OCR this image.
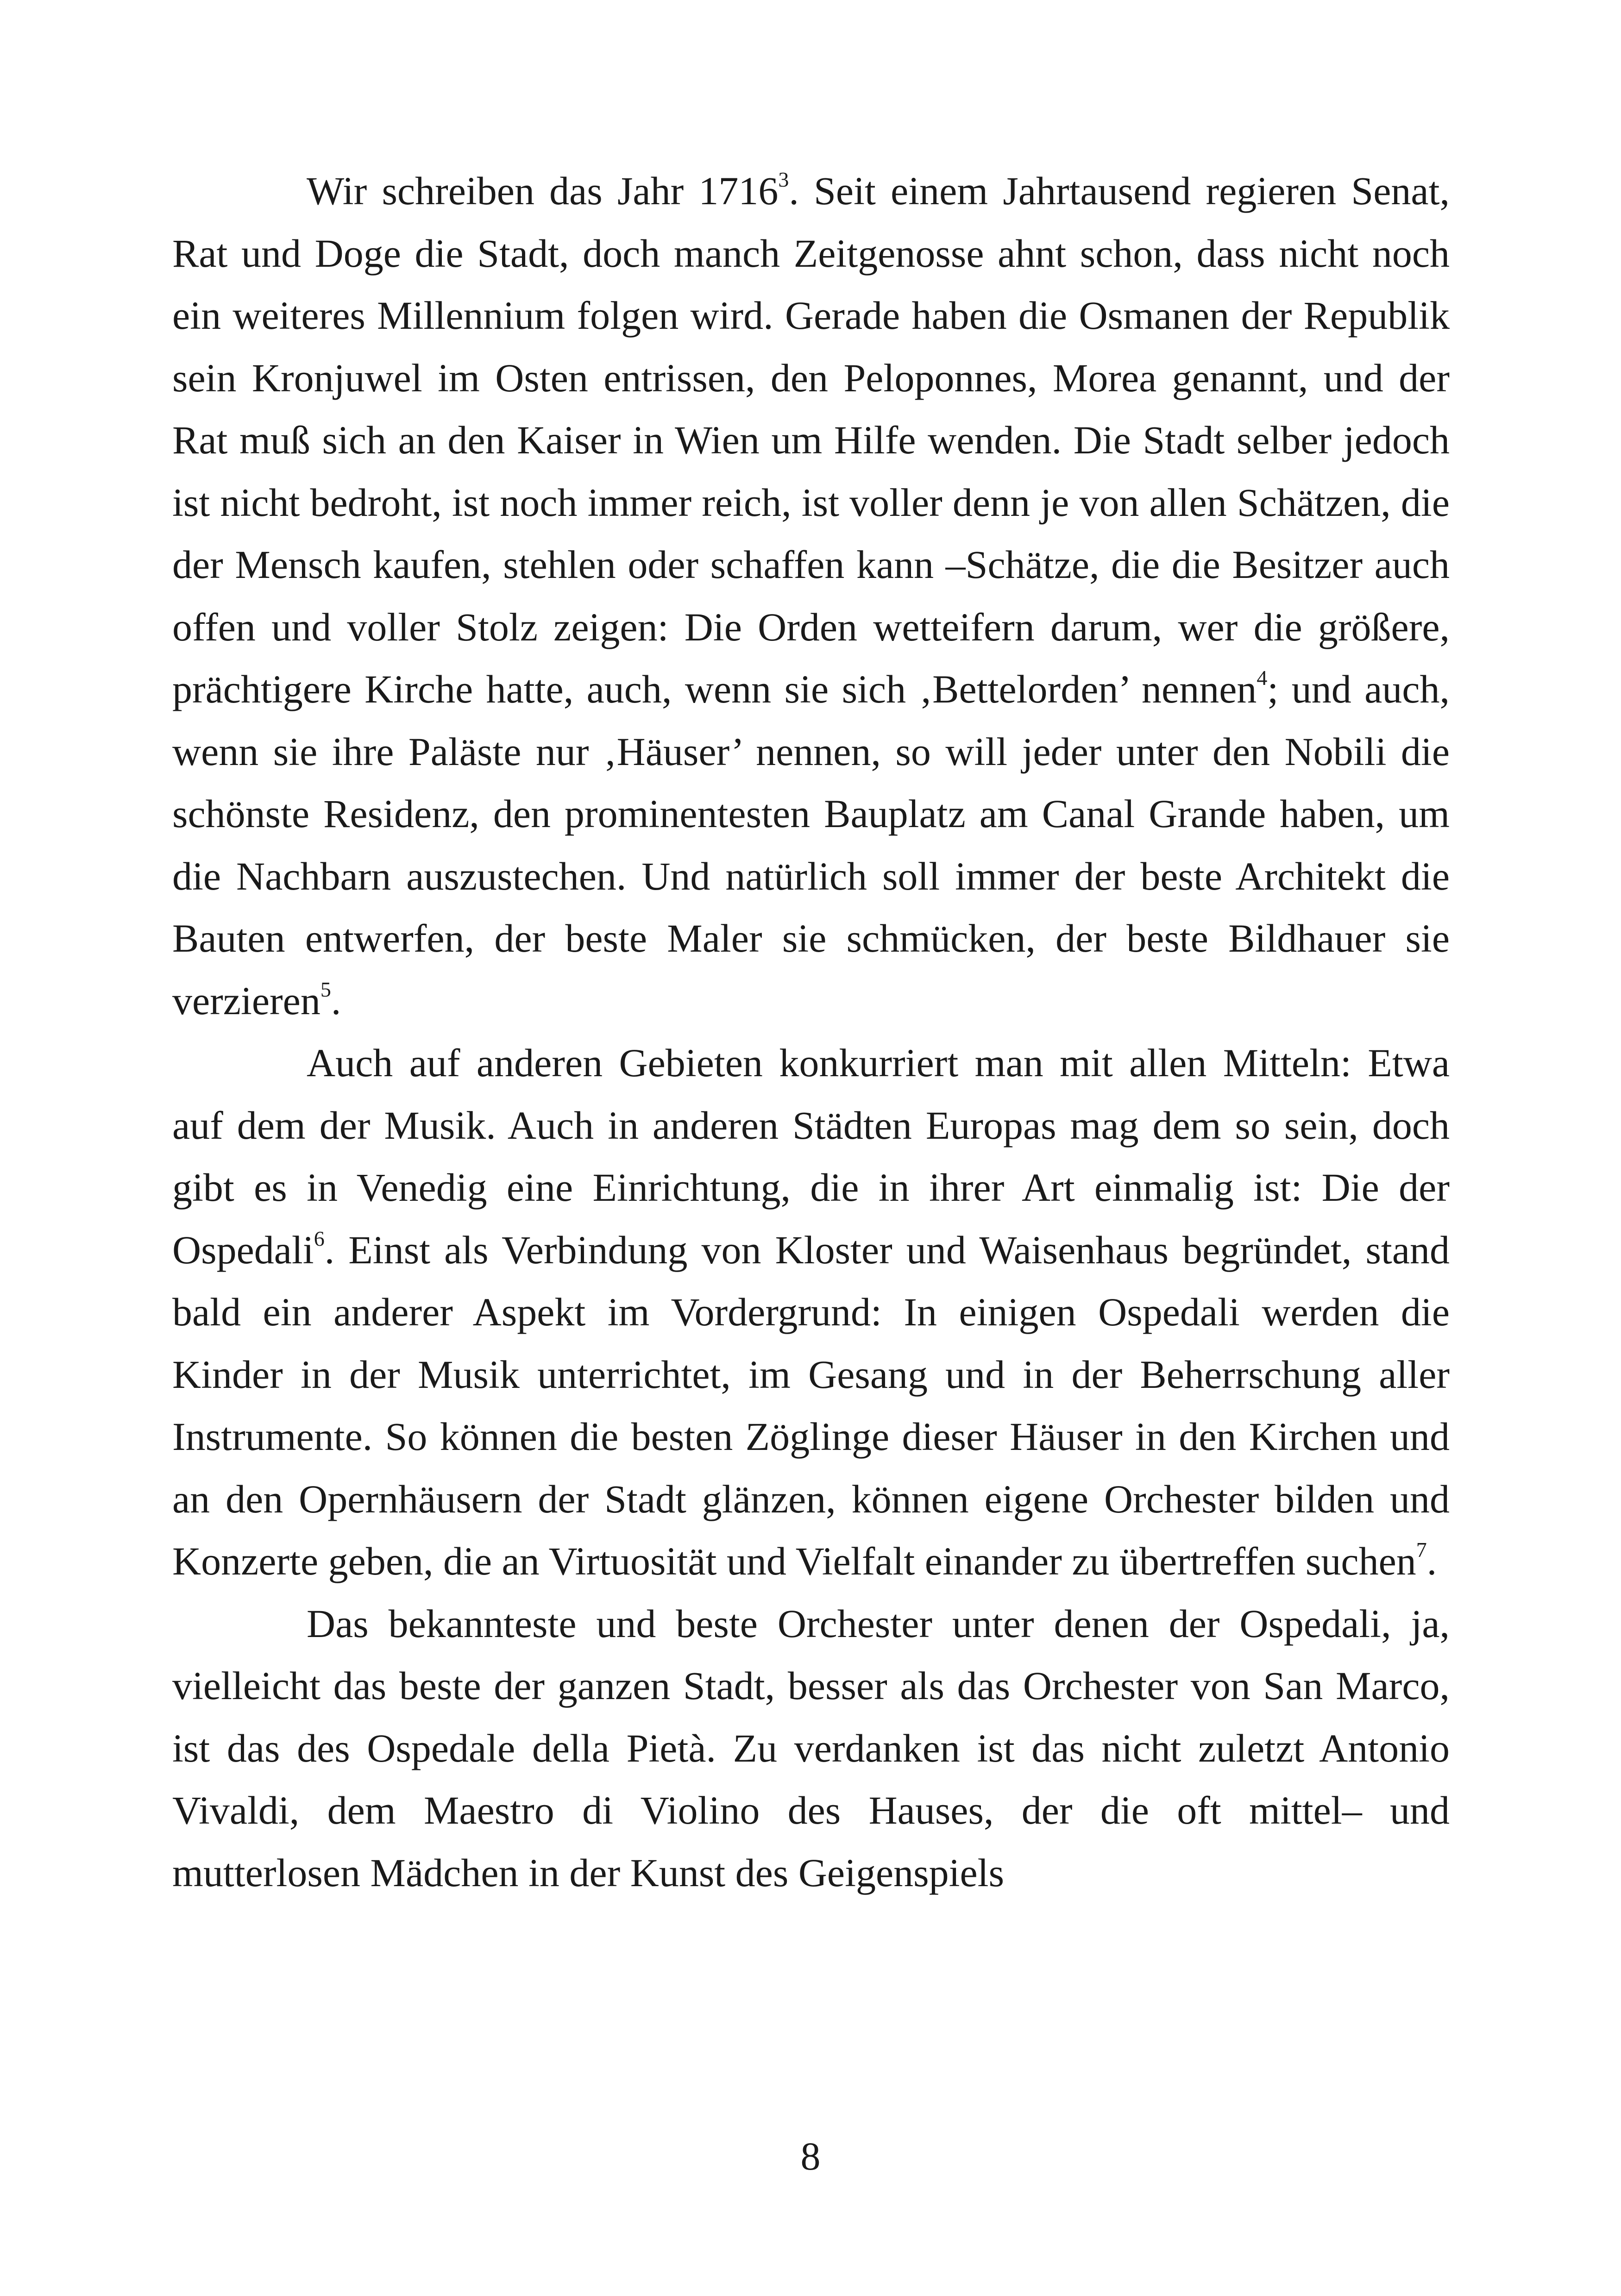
Wir schreiben das Jahr 1716$^3$. Seit einem Jahrtausend regieren Senat, Rat und Doge die Stadt, doch manch Zeitgenosse ahnt schon, dass nicht noch ein weiteres Millennium folgen wird. Gerade haben die Osmanen der Republik sein Kronjuwel im Osten entrissen, den Peloponnes, Morea genannt, und der Rat muß sich an den Kaiser in Wien um Hilfe wenden. Die Stadt selber jedoch ist nicht bedroht, ist noch immer reich, ist voller denn je von allen Schätzen, die der Mensch kaufen, stehlen oder schaffen kann –Schätze, die die Besitzer auch offen und voller Stolz zeigen: Die Orden wetteifern darum, wer die größere, prächtigere Kirche hatte, auch, wenn sie sich ‚Bettelorden’ nennen$^4$; und auch, wenn sie ihre Paläste nur ‚Häuser’ nennen, so will jeder unter den Nobili die schönste Residenz, den prominentesten Bauplatz am Canal Grande haben, um die Nachbarn auszustechen. Und natürlich soll immer der beste Architekt die Bauten entwerfen, der beste Maler sie schmücken, der beste Bildhauer sie verzieren$^5$.

Auch auf anderen Gebieten konkurriert man mit allen Mitteln: Etwa auf dem der Musik. Auch in anderen Städten Europas mag dem so sein, doch gibt es in Venedig eine Einrichtung, die in ihrer Art einmalig ist: Die der Ospedali$^6$. Einst als Verbindung von Kloster und Waisenhaus begründet, stand bald ein anderer Aspekt im Vordergrund: In einigen Ospedali werden die Kinder in der Musik unterrichtet, im Gesang und in der Beherrschung aller Instrumente. So können die besten Zöglinge dieser Häuser in den Kirchen und an den Opernhäusern der Stadt glänzen, können eigene Orchester bilden und Konzerte geben, die an Virtuosität und Vielfalt einander zu übertreffen suchen$^7$.

Das bekannteste und beste Orchester unter denen der Ospedali, ja, vielleicht das beste der ganzen Stadt, besser als das Orchester von San Marco, ist das des Ospedale della Pietà. Zu verdanken ist das nicht zuletzt Antonio Vivaldi, dem Maestro di Violino des Hauses, der die oft mittel– und mutterlosen Mädchen in der Kunst des Geigenspiels

8
